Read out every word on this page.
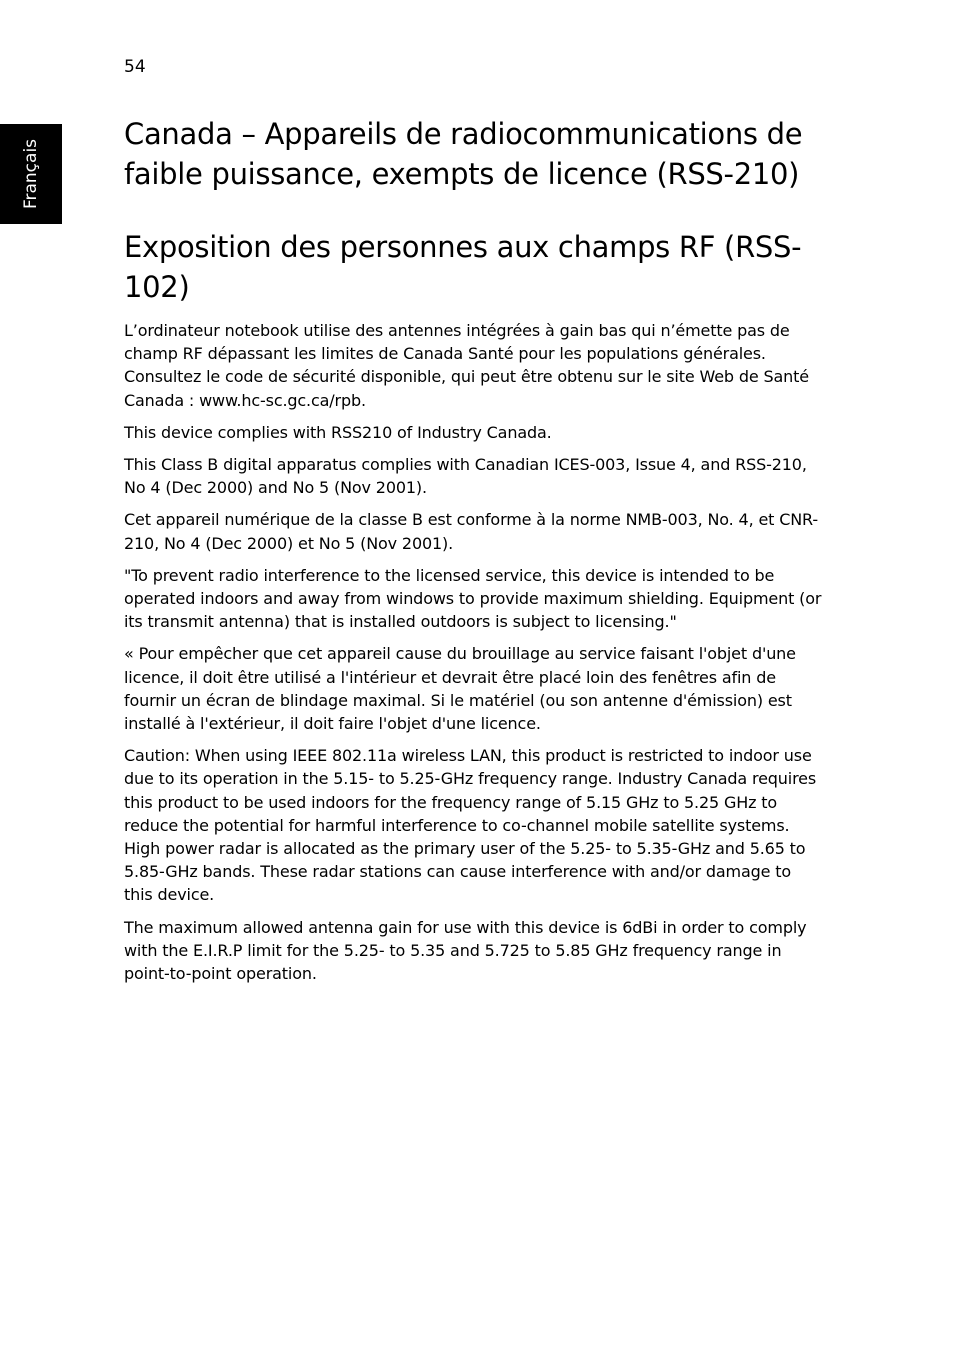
54
Français
Canada – Appareils de radiocommunications de faible puissance, exempts de licence (RSS-210)
Exposition des personnes aux champs RF (RSS-102)

L’ordinateur notebook utilise des antennes intégrées à gain bas qui n’émette pas de champ RF dépassant les limites de Canada Santé pour les populations générales. Consultez le code de sécurité disponible, qui peut être obtenu sur le site Web de Santé Canada : www.hc-sc.gc.ca/rpb.

This device complies with RSS210 of Industry Canada.

This Class B digital apparatus complies with Canadian ICES-003, Issue 4, and RSS-210, No 4 (Dec 2000) and No 5 (Nov 2001).

Cet appareil numérique de la classe B est conforme à la norme NMB-003, No. 4, et CNR-210, No 4 (Dec 2000) et No 5 (Nov 2001).

"To prevent radio interference to the licensed service, this device is intended to be operated indoors and away from windows to provide maximum shielding. Equipment (or its transmit antenna) that is installed outdoors is subject to licensing."

« Pour empêcher que cet appareil cause du brouillage au service faisant l'objet d'une licence, il doit être utilisé a l'intérieur et devrait être placé loin des fenêtres afin de fournir un écran de blindage maximal. Si le matériel (ou son antenne d'émission) est installé à l'extérieur, il doit faire l'objet d'une licence.

Caution: When using IEEE 802.11a wireless LAN, this product is restricted to indoor use due to its operation in the 5.15- to 5.25-GHz frequency range. Industry Canada requires this product to be used indoors for the frequency range of 5.15 GHz to 5.25 GHz to reduce the potential for harmful interference to co-channel mobile satellite systems. High power radar is allocated as the primary user of the 5.25- to 5.35-GHz and 5.65 to 5.85-GHz bands. These radar stations can cause interference with and/or damage to this device.

The maximum allowed antenna gain for use with this device is 6dBi in order to comply with the E.I.R.P limit for the 5.25- to 5.35 and 5.725 to 5.85 GHz frequency range in point-to-point operation.
